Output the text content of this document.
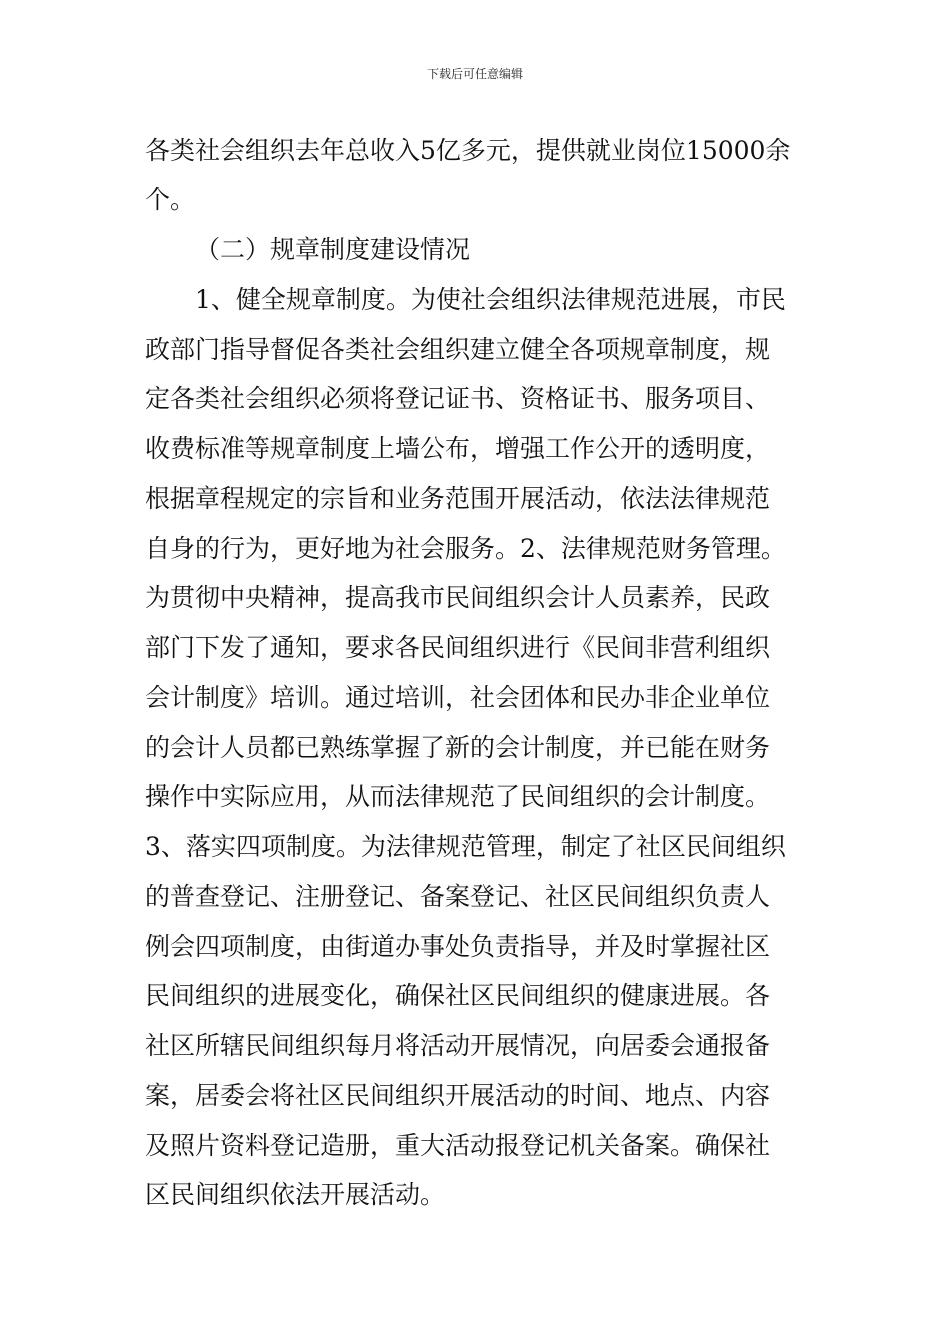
下载后可任意编辑
各类社会组织去年总收入5亿多元，提供就业岗位15000余
个。
（二）规章制度建设情况
1、健全规章制度。为使社会组织法律规范进展，市民
政部门指导督促各类社会组织建立健全各项规章制度，规
定各类社会组织必须将登记证书、资格证书、服务项目、
收费标准等规章制度上墙公布，增强工作公开的透明度，
根据章程规定的宗旨和业务范围开展活动，依法法律规范
自身的行为，更好地为社会服务。2、法律规范财务管理。
为贯彻中央精神，提高我市民间组织会计人员素养，民政
部门下发了通知，要求各民间组织进行《民间非营利组织
会计制度》培训。通过培训，社会团体和民办非企业单位
的会计人员都已熟练掌握了新的会计制度，并已能在财务
操作中实际应用，从而法律规范了民间组织的会计制度。
3、落实四项制度。为法律规范管理，制定了社区民间组织
的普查登记、注册登记、备案登记、社区民间组织负责人
例会四项制度，由街道办事处负责指导，并及时掌握社区
民间组织的进展变化，确保社区民间组织的健康进展。各
社区所辖民间组织每月将活动开展情况，向居委会通报备
案，居委会将社区民间组织开展活动的时间、地点、内容
及照片资料登记造册，重大活动报登记机关备案。确保社
区民间组织依法开展活动。
